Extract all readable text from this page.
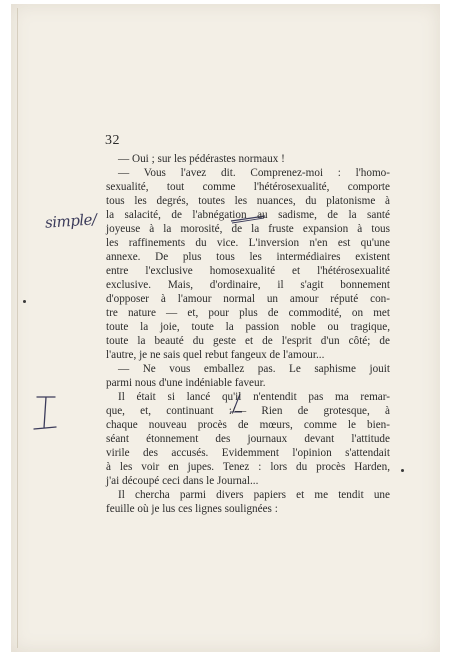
32
simple/
— Oui ; sur les pédérastes normaux !
— Vous l'avez dit. Comprenez-moi : l'homo-
sexualité, tout comme l'hétérosexualité, comporte
tous les degrés, toutes les nuances, du platonisme à
la salacité, de l'abnégation au sadisme, de la santé
joyeuse à la morosité, de la fruste expansion à tous
les raffinements du vice. L'inversion n'en est qu'une
annexe. De plus tous les intermédiaires existent
entre l'exclusive homosexualité et l'hétérosexualité
exclusive. Mais, d'ordinaire, il s'agit bonnement
d'opposer à l'amour normal un amour réputé con-
tre nature — et, pour plus de commodité, on met
toute la joie, toute la passion noble ou tragique,
toute la beauté du geste et de l'esprit d'un côté; de
l'autre, je ne sais quel rebut fangeux de l'amour...
— Ne vous emballez pas. Le saphisme jouit
parmi nous d'une indéniable faveur.
Il était si lancé qu'il n'entendit pas ma remar-
que, et, continuant :/— Rien de grotesque, à
chaque nouveau procès de mœurs, comme le bien-
séant étonnement des journaux devant l'attitude
virile des accusés. Evidemment l'opinion s'attendait
à les voir en jupes. Tenez : lors du procès Harden,
j'ai découpé ceci dans le Journal...
Il chercha parmi divers papiers et me tendit une
feuille où je lus ces lignes soulignées :
